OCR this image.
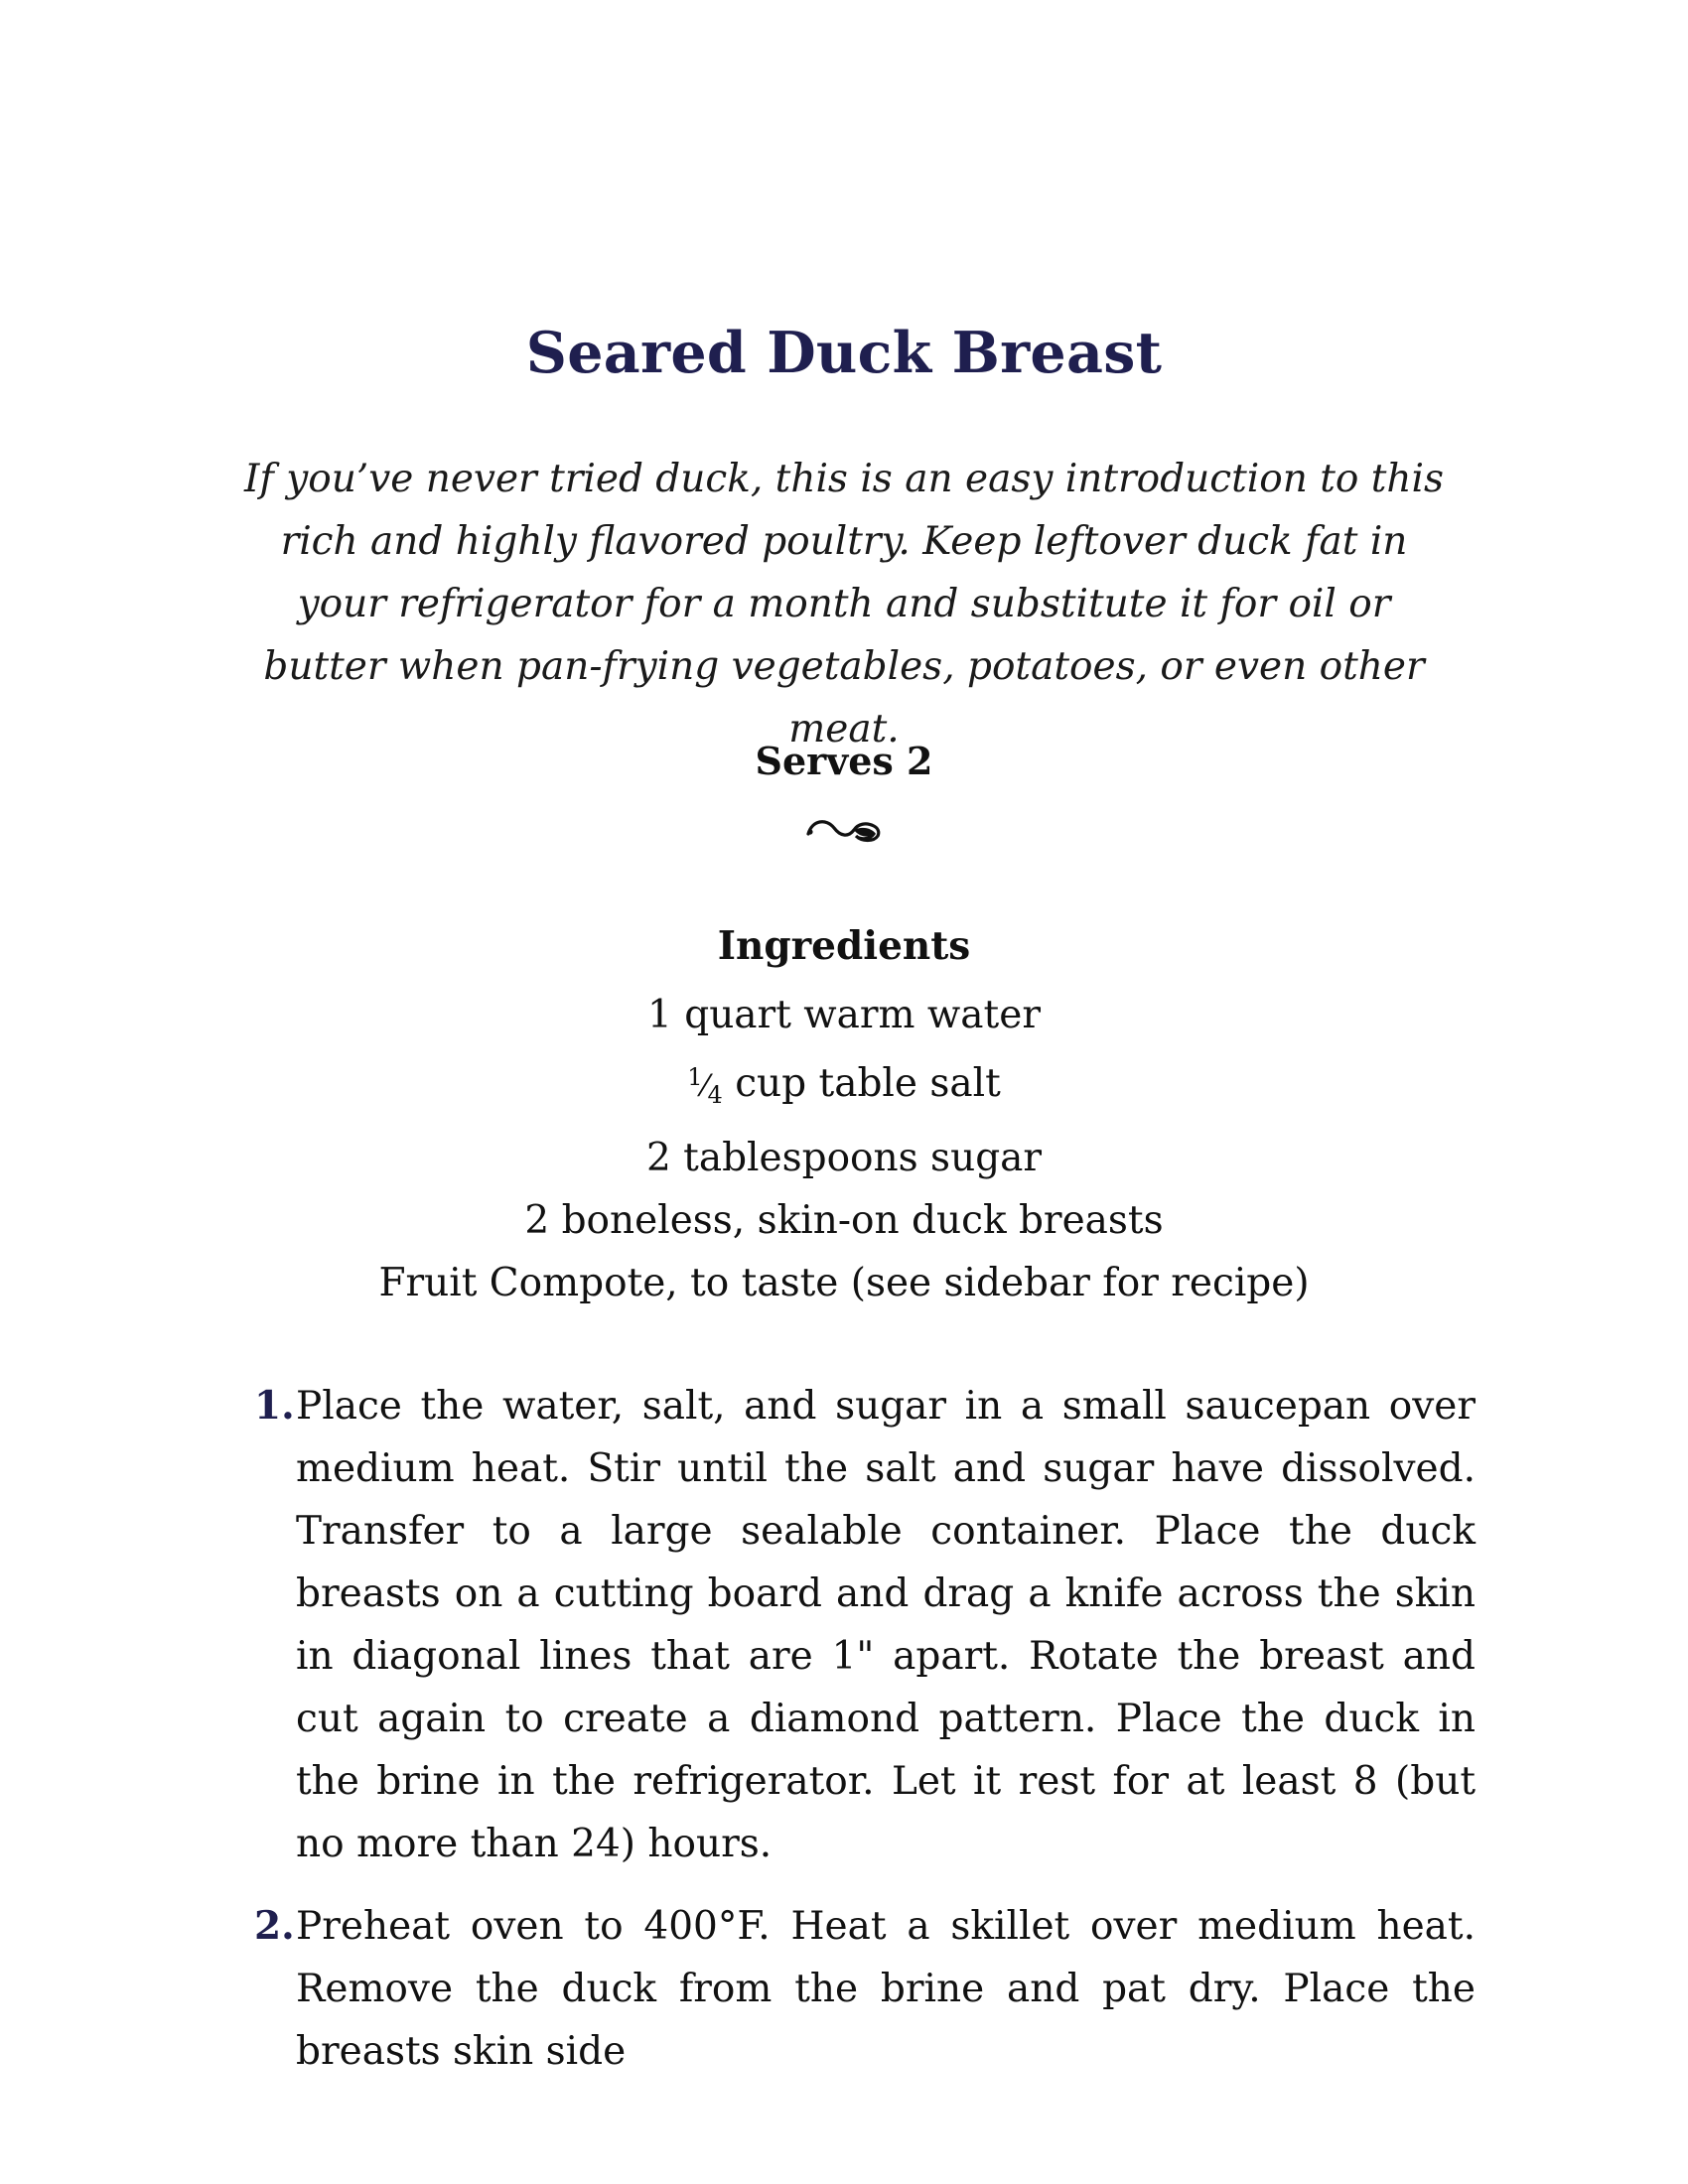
Seared Duck Breast

If you’ve never tried duck, this is an easy introduction to this rich and highly flavored poultry. Keep leftover duck fat in your refrigerator for a month and substitute it for oil or butter when pan-frying vegetables, potatoes, or even other meat.

Serves 2

Ingredients
1 quart warm water
$^1⁄_4$ cup table salt
2 tablespoons sugar
2 boneless, skin-on duck breasts
Fruit Compote, to taste (see sidebar for recipe)
1. Place the water, salt, and sugar in a small saucepan over medium heat. Stir until the salt and sugar have dissolved. Transfer to a large sealable container. Place the duck breasts on a cutting board and drag a knife across the skin in diagonal lines that are 1" apart. Rotate the breast and cut again to create a diamond pattern. Place the duck in the brine in the refrigerator. Let it rest for at least 8 (but no more than 24) hours.
2. Preheat oven to 400°F. Heat a skillet over medium heat. Remove the duck from the brine and pat dry. Place the breasts skin side
